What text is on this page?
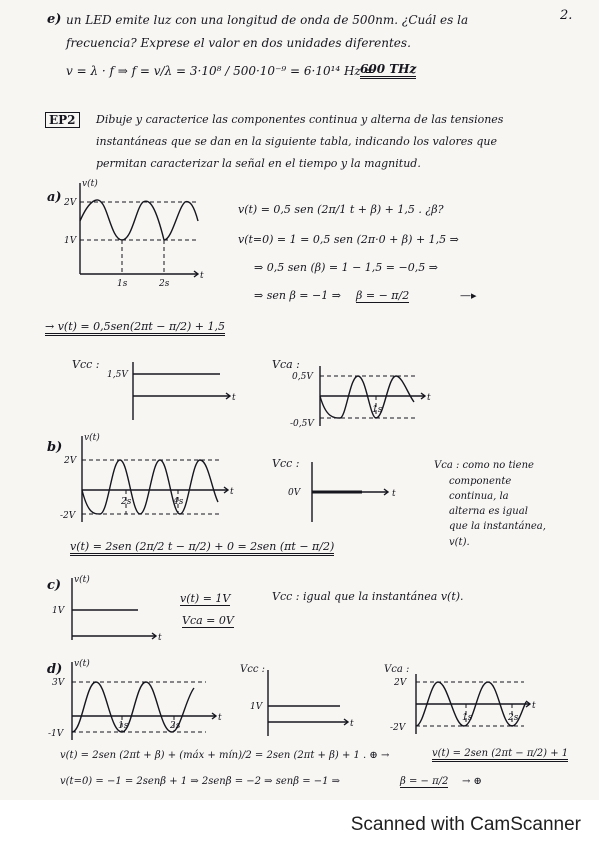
2.
e) un LED emite luz con una longitud de onda de 500nm. ¿Cuál es la
frecuencia? Exprese el valor en dos unidades diferentes.
v = λ · f ⇒ f = v/λ = 3·10⁸ / 500·10⁻⁹ = 6·10¹⁴ Hz =
600 THz
EP2	Dibuje y caracterice las componentes continua y alterna de las tensiones
instantáneas que se dan en la siguiente tabla, indicando los valores que
permitan caracterizar la señal en el tiempo y la magnitud.
a)
v(t)
2V
1V
1s	2s
t
v(t) = 0,5 sen (2π/1 t + β) + 1,5 . ¿β?
v(t=0) = 1 = 0,5 sen (2π·0 + β) + 1,5 ⇒
⇒ 0,5 sen (β) = 1 − 1,5 = −0,5 ⇒
⇒ sen β = −1 ⇒ β = − π/2	—▸
→ v(t) = 0,5sen(2πt − π/2) + 1,5
Vcc :
1,5V
t
Vca :
0,5V
-0,5V
1s
t
b)
v(t)
2V
-2V
2s	4s
t
Vcc :
0V	t
Vca : como no tiene
componente
continua, la
alterna es igual
que la instantánea,
v(t).
v(t) = 2sen (2π/2 t − π/2) + 0 = 2sen (πt − π/2)
c) v(t)
1V
t
v(t) = 1V
Vca = 0V
Vcc : igual que la instantánea v(t).
d) v(t)
3V
-1V
1s	2s
t
Vcc :
1V
t
Vca :
2V
-2V
1s	2s
t
v(t) = 2sen (2πt + β) + (máx + mín)/2 = 2sen (2πt + β) + 1 . ⊕ →	v(t) = 2sen (2πt − π/2) + 1
v(t=0) = −1 = 2senβ + 1 ⇒ 2senβ = −2 ⇒ senβ = −1 ⇒	β = − π/2 → ⊕
Scanned with CamScanner
